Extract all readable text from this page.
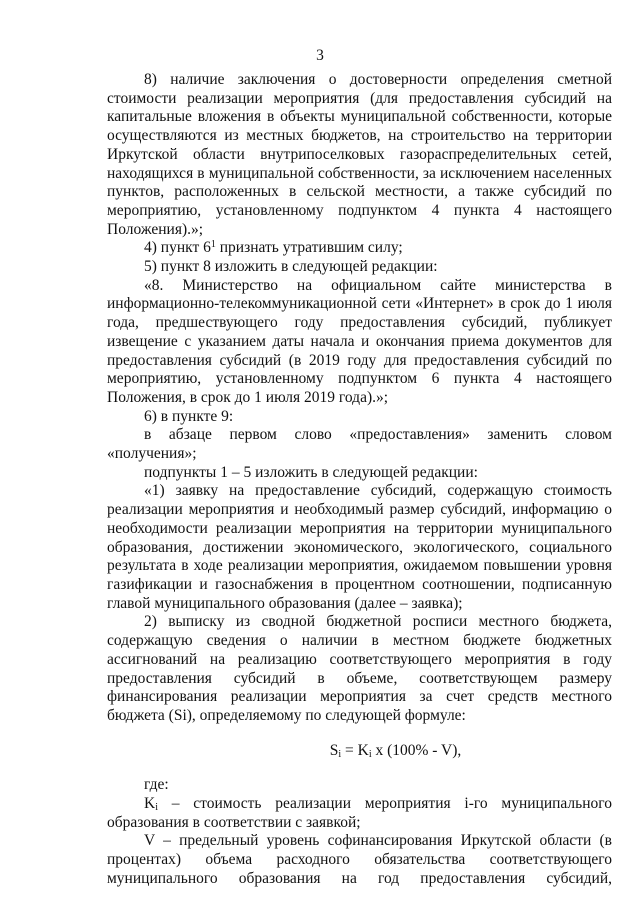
3

8) наличие заключения о достоверности определения сметной стоимости реализации мероприятия (для предоставления субсидий на капитальные вложения в объекты муниципальной собственности, которые осуществляются из местных бюджетов, на строительство на территории Иркутской области внутрипоселковых газораспределительных сетей, находящихся в муниципальной собственности, за исключением населенных пунктов, расположенных в сельской местности, а также субсидий по мероприятию, установленному подпунктом 4 пункта 4 настоящего Положения).»;

4) пункт $6^1$ признать утратившим силу;

5) пункт 8 изложить в следующей редакции:

«8. Министерство на официальном сайте министерства в информационно-телекоммуникационной сети «Интернет» в срок до 1 июля года, предшествующего году предоставления субсидий, публикует извещение с указанием даты начала и окончания приема документов для предоставления субсидий (в 2019 году для предоставления субсидий по мероприятию, установленному подпунктом 6 пункта 4 настоящего Положения, в срок до 1 июля 2019 года).»;

6) в пункте 9:

в абзаце первом слово «предоставления» заменить словом «получения»;

подпункты 1 – 5 изложить в следующей редакции:

«1) заявку на предоставление субсидий, содержащую стоимость реализации мероприятия и необходимый размер субсидий, информацию о необходимости реализации мероприятия на территории муниципального образования, достижении экономического, экологического, социального результата в ходе реализации мероприятия, ожидаемом повышении уровня газификации и газоснабжения в процентном соотношении, подписанную главой муниципального образования (далее – заявка);

2) выписку из сводной бюджетной росписи местного бюджета, содержащую сведения о наличии в местном бюджете бюджетных ассигнований на реализацию соответствующего мероприятия в году предоставления субсидий в объеме, соответствующем размеру финансирования реализации мероприятия за счет средств местного бюджета (Si), определяемому по следующей формуле:

$S_i = K_i$ x (100% - V),

где:

$K_i$ – стоимость реализации мероприятия i-го муниципального образования в соответствии с заявкой;

V – предельный уровень софинансирования Иркутской области (в процентах) объема расходного обязательства соответствующего муниципального образования на год предоставления субсидий,
